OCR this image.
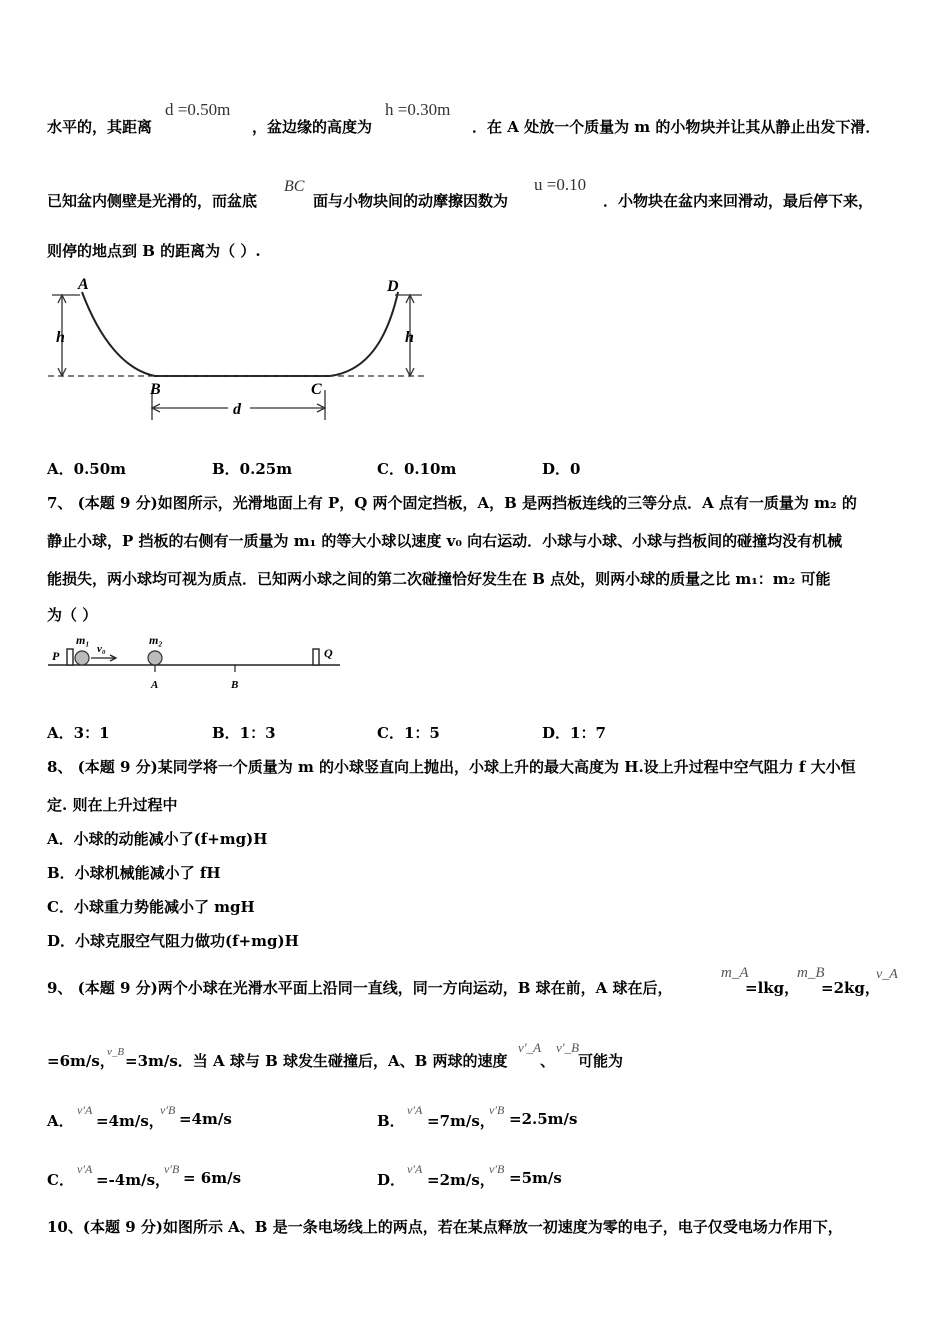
水平的，其距离
d =0.50m
，盆边缘的高度为
h =0.30m
．在 A 处放一个质量为 m 的小物块并让其从静止出发下滑．
已知盆内侧壁是光滑的，而盆底
BC
面与小物块间的动摩擦因数为
u =0.10
．小物块在盆内来回滑动，最后停下来，
则停的地点到 B 的距离为（ ）.
A	D
h	h
B	C
d
A．0.50m	B．0.25m	C．0.10m	D．0
7、 (本题 9 分)如图所示，光滑地面上有 P，Q 两个固定挡板，A，B 是两挡板连线的三等分点．A 点有一质量为 m₂ 的
静止小球，P 挡板的右侧有一质量为 m₁ 的等大小球以速度 v₀ 向右运动．小球与小球、小球与挡板间的碰撞均没有机械
能损失，两小球均可视为质点．已知两小球之间的第二次碰撞恰好发生在 B 点处，则两小球的质量之比 m₁：m₂ 可能
为（ ）
P	Q
m₁
v₀
m₂
A	B
A．3：1	B．1：3	C．1：5	D．1：7
8、 (本题 9 分)某同学将一个质量为 m 的小球竖直向上抛出，小球上升的最大高度为 H.设上升过程中空气阻力 f 大小恒
定. 则在上升过程中
A．小球的动能减小了(f+mg)H
B．小球机械能减小了 fH
C．小球重力势能减小了 mgH
D．小球克服空气阻力做功(f+mg)H
9、 (本题 9 分)两个小球在光滑水平面上沿同一直线，同一方向运动，B 球在前，A 球在后，
m_A
=lkg，
m_B
=2kg，
v_A
=6m/s，
v_B =3m/s．当 A 球与 B 球发生碰撞后，A、B 两球的速度
v′_A
、
v′_B
可能为
A．
v′A
=4m/s，
v′B =4m/s	B．
v′A
=7m/s，
v′B =2.5m/s
C．
v′A
=-4m/s，
v′B = 6m/s	D．
v′A
=2m/s，
v′B =5m/s
10、(本题 9 分)如图所示 A、B 是一条电场线上的两点，若在某点释放一初速度为零的电子，电子仅受电场力作用下，
